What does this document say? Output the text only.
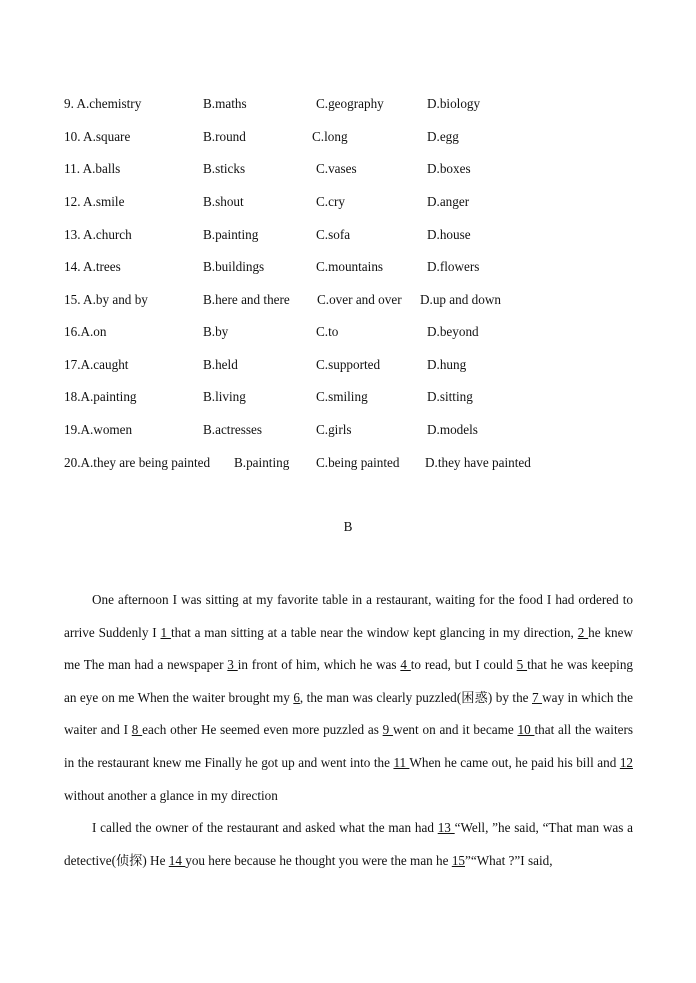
9. A.chemistry	B.maths	C.geography	D.biology
10. A.square	B.round	C.long	D.egg
11. A.balls	B.sticks	C.vases	D.boxes
12. A.smile	B.shout	C.cry	D.anger
13. A.church	B.painting	C.sofa	D.house
14. A.trees	B.buildings	C.mountains	D.flowers
15. A.by and by	B.here and there C.over and over D.up and down
16.A.on	B.by	C.to	D.beyond
17.A.caught	B.held	C.supported	D.hung
18.A.painting	B.living	C.smiling	D.sitting
19.A.women	B.actresses	C.girls	D.models
20.A.they are being painted B.painting C.being painted D.they have painted
B

One afternoon I was sitting at my favorite table in a restaurant, waiting for the food I had ordered to arrive Suddenly I 1 that a man sitting at a table near the window kept glancing in my direction, 2 he knew me The man had a newspaper 3 in front of him, which he was 4 to read, but I could 5 that he was keeping an eye on me When the waiter brought my 6, the man was clearly puzzled(困惑) by the 7 way in which the waiter and I 8 each other He seemed even more puzzled as 9 went on and it became 10 that all the waiters in the restaurant knew me Finally he got up and went into the 11 When he came out, he paid his bill and 12 without another a glance in my direction

I called the owner of the restaurant and asked what the man had 13 “Well, ”he said, “That man was a detective(侦探) He 14 you here because he thought you were the man he 15”“What ?”I said,
